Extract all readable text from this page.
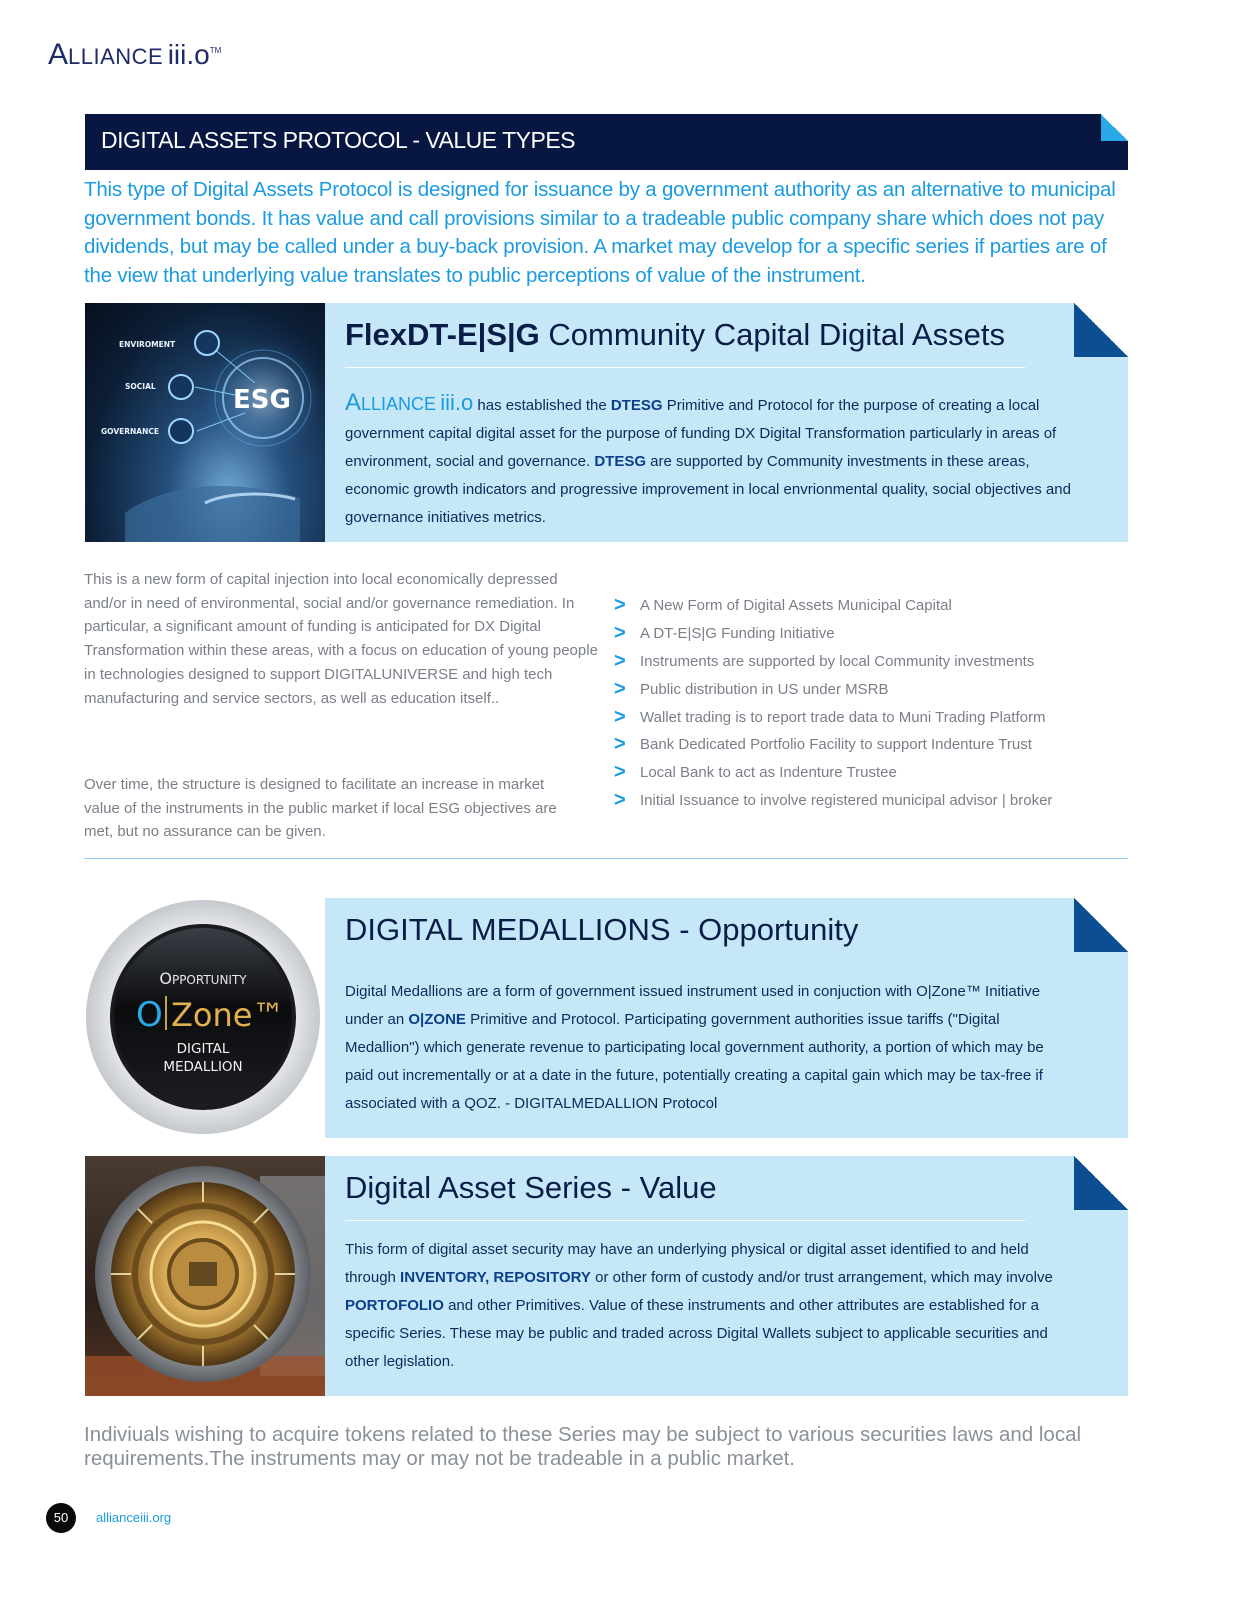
ALLIANCE iii.o™
DIGITAL ASSETS PROTOCOL - VALUE TYPES

This type of Digital Assets Protocol is designed for issuance by a government authority as an alternative to municipal government bonds. It has value and call provisions similar to a tradeable public company share which does not pay dividends, but may be called under a buy-back provision. A market may develop for a specific series if parties are of the view that underlying value translates to public perceptions of value of the instrument.

ENVIROMENT
SOCIAL
GOVERNANCE
ESG
FlexDT-E|S|G Community Capital Digital Assets

ALLIANCE iii.o has established the DTESG Primitive and Protocol for the purpose of creating a local government capital digital asset for the purpose of funding DX Digital Transformation particularly in areas of environment, social and governance. DTESG are supported by Community investments in these areas, economic growth indicators and progressive improvement in local envrionmental quality, social objectives and governance initiatives metrics.

This is a new form of capital injection into local economically depressed and/or in need of environmental, social and/or governance remediation. In particular, a significant amount of funding is anticipated for DX Digital Transformation within these areas, with a focus on education of young people in technologies designed to support DIGITALUNIVERSE and high tech manufacturing and service sectors, as well as education itself..

Over time, the structure is designed to facilitate an increase in market value of the instruments in the public market if local ESG objectives are met, but no assurance can be given.

> A New Form of Digital Assets Municipal Capital
> A DT-E|S|G Funding Initiative
> Instruments are supported by local Community investments
> Public distribution in US under MSRB
> Wallet trading is to report trade data to Muni Trading Platform
> Bank Dedicated Portfolio Facility to support Indenture Trust
> Local Bank to act as Indenture Trustee
> Initial Issuance to involve registered municipal advisor | broker
OPPORTUNITY
O Zone™
DIGITAL
MEDALLION
DIGITAL MEDALLIONS - Opportunity

Digital Medallions are a form of government issued instrument used in conjuction with O|Zone™ Initiative under an O|ZONE Primitive and Protocol. Participating government authorities issue tariffs ("Digital Medallion") which generate revenue to participating local government authority, a portion of which may be paid out incrementally or at a date in the future, potentially creating a capital gain which may be tax-free if associated with a QOZ. - DIGITALMEDALLION Protocol

Digital Asset Series - Value

This form of digital asset security may have an underlying physical or digital asset identified to and held through INVENTORY, REPOSITORY or other form of custody and/or trust arrangement, which may involve PORTOFOLIO and other Primitives. Value of these instruments and other attributes are established for a specific Series. These may be public and traded across Digital Wallets subject to applicable securities and other legislation.

Indiviuals wishing to acquire tokens related to these Series may be subject to various securities laws and local requirements.The instruments may or may not be tradeable in a public market.

50	allianceiii.org
